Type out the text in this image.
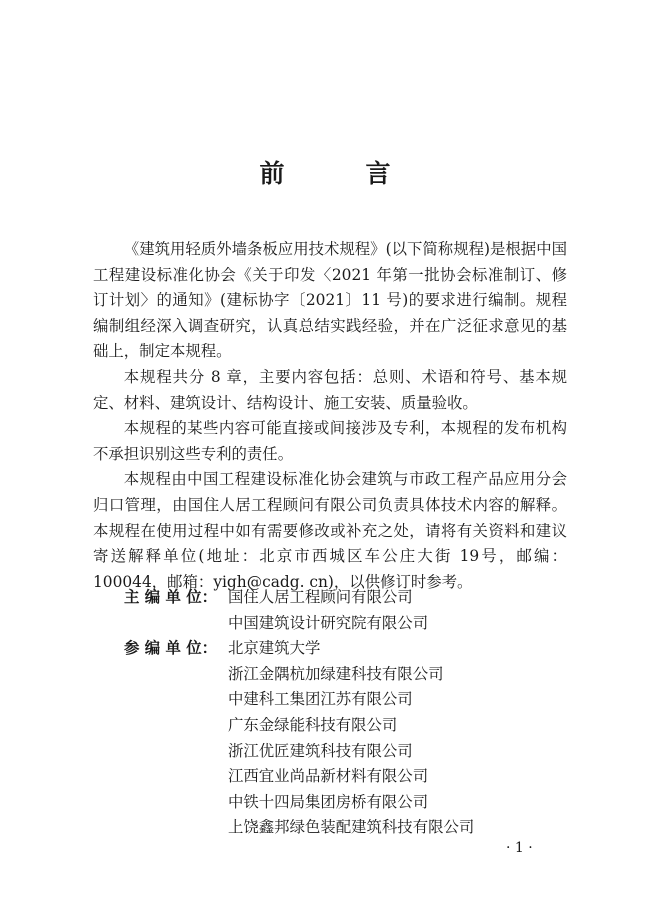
前　言

《建筑用轻质外墙条板应用技术规程》(以下简称规程)是根据中国工程建设标准化协会《关于印发〈2021 年第一批协会标准制订、修订计划〉的通知》(建标协字〔2021〕11 号)的要求进行编制。规程编制组经深入调查研究，认真总结实践经验，并在广泛征求意见的基础上，制定本规程。

本规程共分 8 章，主要内容包括：总则、术语和符号、基本规定、材料、建筑设计、结构设计、施工安装、质量验收。

本规程的某些内容可能直接或间接涉及专利，本规程的发布机构不承担识别这些专利的责任。

本规程由中国工程建设标准化协会建筑与市政工程产品应用分会归口管理，由国住人居工程顾问有限公司负责具体技术内容的解释。本规程在使用过程中如有需要修改或补充之处，请将有关资料和建议寄送解释单位(地址：北京市西城区车公庄大街 19号，邮编：100044，邮箱：yigh@cadg. cn)，以供修订时参考。

主 编 单 位： 国住人居工程顾问有限公司
中国建筑设计研究院有限公司
参 编 单 位： 北京建筑大学
浙江金隅杭加绿建科技有限公司
中建科工集团江苏有限公司
广东金绿能科技有限公司
浙江优匠建筑科技有限公司
江西宜业尚品新材料有限公司
中铁十四局集团房桥有限公司
上饶鑫邦绿色装配建筑科技有限公司
· 1 ·
